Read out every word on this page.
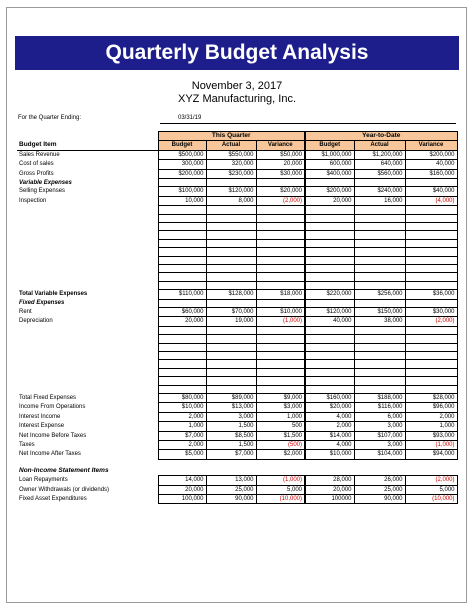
Quarterly Budget Analysis
November 3, 2017
XYZ Manufacturing, Inc.
For the Quarter Ending:	03/31/19
	This Quarter			Year-to-Date		
Budget Item	Budget	Actual	Variance	Budget	Actual	Variance
Sales Revenue	$500,000	$550,000	$50,000	$1,000,000	$1,200,000	$200,000
Cost of sales	300,000	320,000	20,000	600,000	640,000	40,000
Gross Profits	$200,000	$230,000	$30,000	$400,000	$560,000	$160,000
Variable Expenses						
Selling Expenses	$100,000	$120,000	$20,000	$200,000	$240,000	$40,000
Inspection	10,000	8,000	(2,000)	20,000	16,000	(4,000)

Total Variable Expenses	$110,000	$128,000	$18,000	$220,000	$256,000	$36,000
Fixed Expenses						
Rent	$60,000	$70,000	$10,000	$120,000	$150,000	$30,000
Depreciation	20,000	19,000	(1,000)	40,000	38,000	(2,000)

Total Fixed Expenses	$80,000	$89,000	$9,000	$160,000	$188,000	$28,000
Income From Operations	$10,000	$13,000	$3,000	$20,000	$116,000	$96,000
Interest Income	2,000	3,000	1,000	4,000	6,000	2,000
Interest Expense	1,000	1,500	500	2,000	3,000	1,000
Net Income Before Taxes	$7,000	$8,500	$1,500	$14,000	$107,000	$93,000
Taxes	2,000	1,500	(500)	4,000	3,000	(1,000)
Net Income After Taxes	$5,000	$7,000	$2,000	$10,000	$104,000	$94,000

Non-Income Statement Items						
Loan Repayments	14,000	13,000	(1,000)	28,000	26,000	(2,000)
Owner Withdrawals (or dividends)	20,000	25,000	5,000	20,000	25,000	5,000
Fixed Asset Expenditures	100,000	90,000	(10,000)	100000	90,000	(10,000)
